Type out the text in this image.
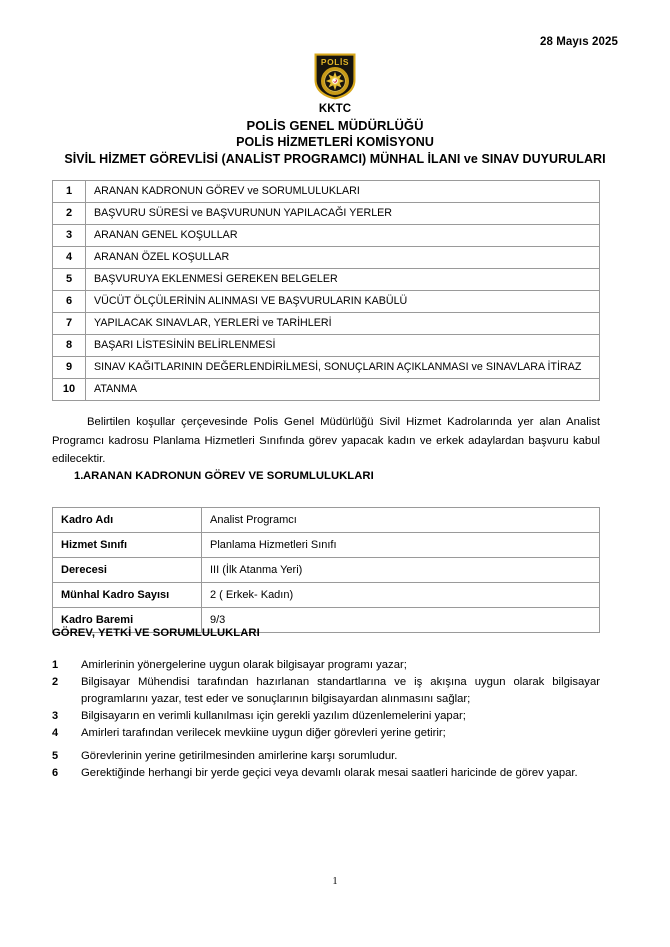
28 Mayıs 2025
POLİS
KKTC
POLİS GENEL MÜDÜRLÜĞÜ
POLİS HİZMETLERİ KOMİSYONU
SİVİL HİZMET GÖREVLİSİ (ANALİST PROGRAMCI) MÜNHAL İLANI ve SINAV DUYURULARI
1	ARANAN KADRONUN GÖREV ve SORUMLULUKLARI
2	BAŞVURU SÜRESİ ve BAŞVURUNUN YAPILACAĞI YERLER
3	ARANAN GENEL KOŞULLAR
4	ARANAN ÖZEL KOŞULLAR
5	BAŞVURUYA EKLENMESİ GEREKEN BELGELER
6	VÜCÜT ÖLÇÜLERİNİN ALINMASI VE BAŞVURULARIN KABÜLÜ
7	YAPILACAK SINAVLAR, YERLERİ ve TARİHLERİ
8	BAŞARI LİSTESİNİN BELİRLENMESİ
9	SINAV KAĞITLARININ DEĞERLENDİRİLMESİ, SONUÇLARIN AÇIKLANMASI ve SINAVLARA İTİRAZ
10	ATANMA
Belirtilen koşullar çerçevesinde Polis Genel Müdürlüğü Sivil Hizmet Kadrolarında yer alan Analist Programcı kadrosu Planlama Hizmetleri Sınıfında görev yapacak kadın ve erkek adaylardan başvuru kabul edilecektir.
1.ARANAN KADRONUN GÖREV VE SORUMLULUKLARI
Kadro Adı	Analist Programcı
Hizmet Sınıfı	Planlama Hizmetleri Sınıfı
Derecesi	III (İlk Atanma Yeri)
Münhal Kadro Sayısı	2 ( Erkek- Kadın)
Kadro Baremi	9/3
GÖREV, YETKİ VE SORUMLULUKLARI
1	Amirlerinin yönergelerine uygun olarak bilgisayar programı yazar;
2	Bilgisayar Mühendisi tarafından hazırlanan standartlarına ve iş akışına uygun olarak bilgisayar programlarını yazar, test eder ve sonuçlarının bilgisayardan alınmasını sağlar;
3	Bilgisayarın en verimli kullanılması için gerekli yazılım düzenlemelerini yapar;
4	Amirleri tarafından verilecek mevkiine uygun diğer görevleri yerine getirir;
5	Görevlerinin yerine getirilmesinden amirlerine karşı sorumludur.
6	Gerektiğinde herhangi bir yerde geçici veya devamlı olarak mesai saatleri haricinde de görev yapar.
1
